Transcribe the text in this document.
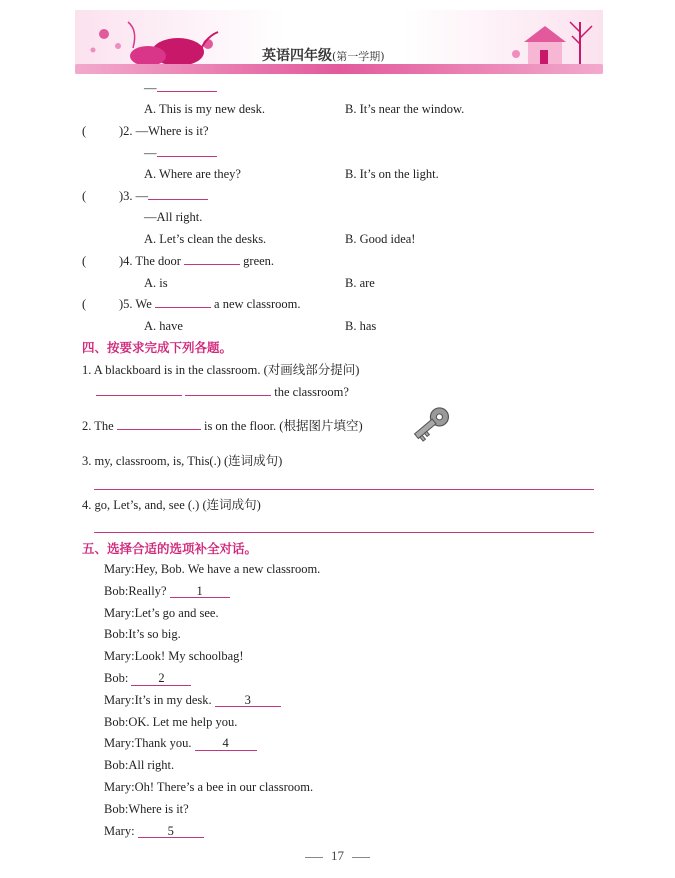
英语四年级(第一学期)
—
A. This is my new desk.	B. It’s near the window.
(	)2. —Where is it?
—
A. Where are they?	B. It’s on the light.
(	)3. —
—All right.
A. Let’s clean the desks.	B. Good idea!
(	)4. The door	green.
A. is	B. are
(	)5. We	a new classroom.
A. have	B. has
四、按要求完成下列各题。
1. A blackboard is in the classroom. (对画线部分提问)
the classroom?
2. The	is on the floor. (根据图片填空)
3. my, classroom, is, This(.) (连词成句)
4. go, Let’s, and, see (.) (连词成句)
五、选择合适的选项补全对话。
Mary:Hey, Bob. We have a new classroom.
Bob:Really? 1
Mary:Let’s go and see.
Bob:It’s so big.
Mary:Look! My schoolbag!
Bob: 2
Mary:It’s in my desk.	3
Bob:OK. Let me help you.
Mary:Thank you. 4
Bob:All right.
Mary:Oh! There’s a bee in our classroom.
Bob:Where is it?
Mary:	5
17
